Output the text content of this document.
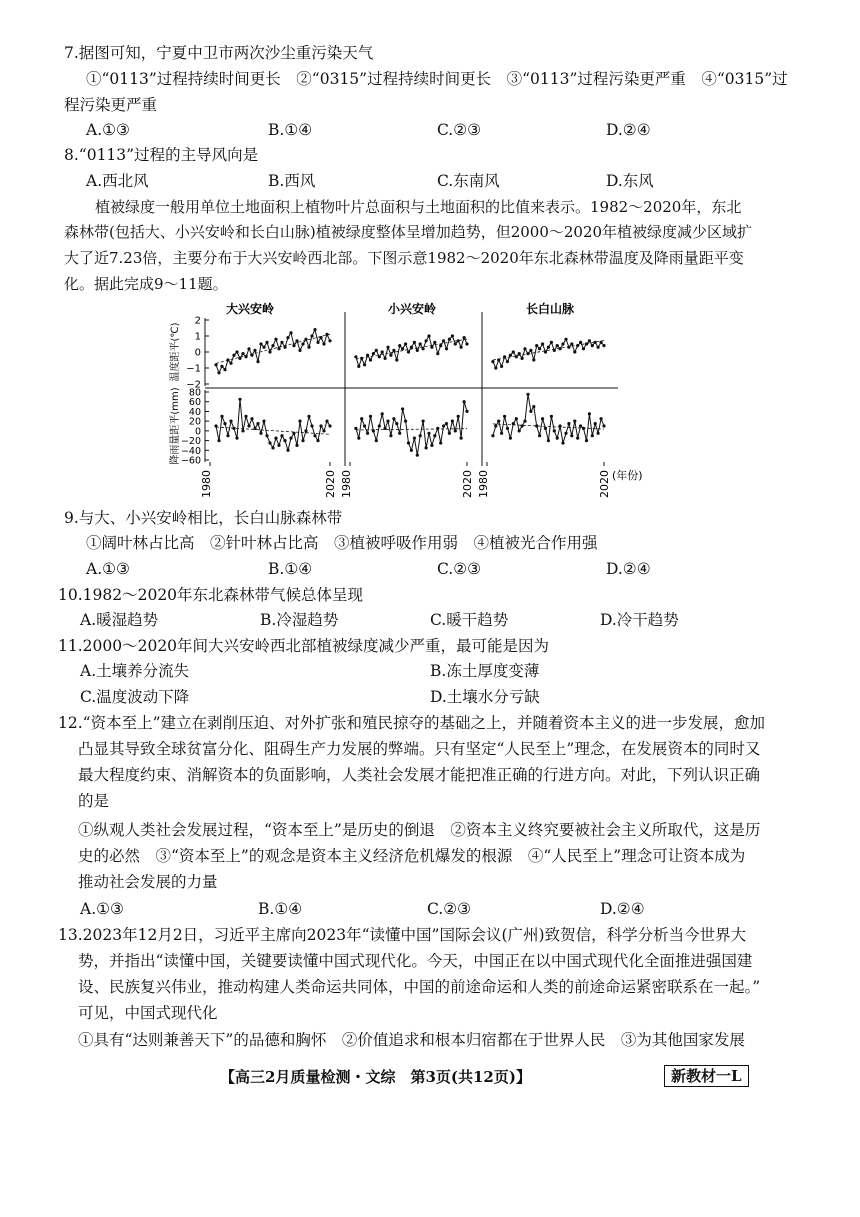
7.据图可知，宁夏中卫市两次沙尘重污染天气
①“0113”过程持续时间更长　②“0315”过程持续时间更长　③“0113”过程污染更严重　④“0315”过
程污染更严重
A.①③	B.①④	C.②③	D.②④
8.“0113”过程的主导风向是
A.西北风	B.西风	C.东南风	D.东风
植被绿度一般用单位土地面积上植物叶片总面积与土地面积的比值来表示。1982～2020年，东北
森林带(包括大、小兴安岭和长白山脉)植被绿度整体呈增加趋势，但2000～2020年植被绿度减少区域扩
大了近7.23倍，主要分布于大兴安岭西北部。下图示意1982～2020年东北森林带温度及降雨量距平变
化。据此完成9～11题。
大兴安岭	小兴安岭	长白山脉
温度距平(℃)
降雨量距平(mm)
2
1
0
−1
−2
80
60
40
20
0
−20
−40
−60
1980	2020 1980	2020 1980	2020 (年份)
9.与大、小兴安岭相比，长白山脉森林带
①阔叶林占比高　②针叶林占比高　③植被呼吸作用弱　④植被光合作用强
A.①③	B.①④	C.②③	D.②④
10.1982～2020年东北森林带气候总体呈现
A.暖湿趋势	B.冷湿趋势	C.暖干趋势	D.冷干趋势
11.2000～2020年间大兴安岭西北部植被绿度减少严重，最可能是因为
A.土壤养分流失	B.冻土厚度变薄
C.温度波动下降	D.土壤水分亏缺
12.“资本至上”建立在剥削压迫、对外扩张和殖民掠夺的基础之上，并随着资本主义的进一步发展，愈加
凸显其导致全球贫富分化、阻碍生产力发展的弊端。只有坚定“人民至上”理念，在发展资本的同时又
最大程度约束、消解资本的负面影响，人类社会发展才能把准正确的行进方向。对此，下列认识正确
的是
①纵观人类社会发展过程，“资本至上”是历史的倒退　②资本主义终究要被社会主义所取代，这是历
史的必然　③“资本至上”的观念是资本主义经济危机爆发的根源　④“人民至上”理念可让资本成为
推动社会发展的力量
A.①③	B.①④	C.②③	D.②④
13.2023年12月2日，习近平主席向2023年“读懂中国”国际会议(广州)致贺信，科学分析当今世界大
势，并指出“读懂中国，关键要读懂中国式现代化。今天，中国正在以中国式现代化全面推进强国建
设、民族复兴伟业，推动构建人类命运共同体，中国的前途命运和人类的前途命运紧密联系在一起。”
可见，中国式现代化
①具有“达则兼善天下”的品德和胸怀　②价值追求和根本归宿都在于世界人民　③为其他国家发展
【高三2月质量检测・文综　第3页(共12页)】	新教材一L
